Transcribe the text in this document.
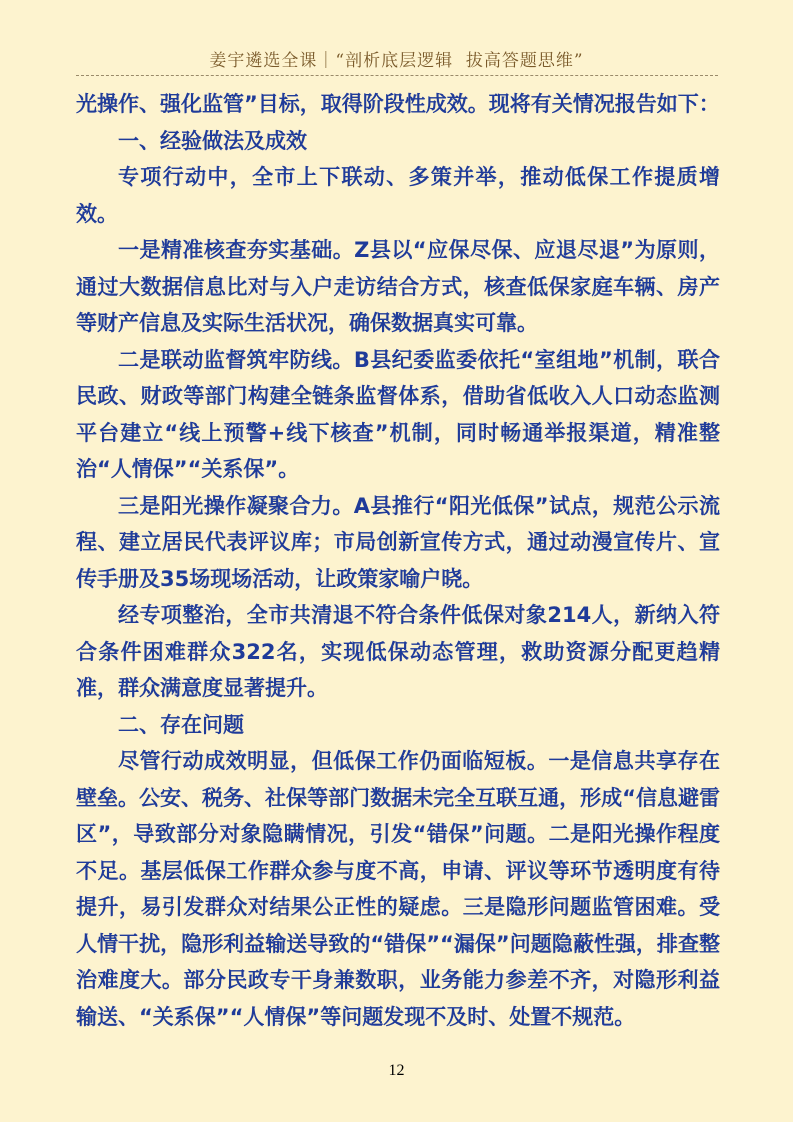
姜宇遴选全课｜“剖析底层逻辑  拔高答题思维”

光操作、强化监管”目标，取得阶段性成效。现将有关情况报告如下：

一、经验做法及成效

专项行动中，全市上下联动、多策并举，推动低保工作提质增效。

一是精准核查夯实基础。Z县以“应保尽保、应退尽退”为原则，通过大数据信息比对与入户走访结合方式，核查低保家庭车辆、房产等财产信息及实际生活状况，确保数据真实可靠。

二是联动监督筑牢防线。B县纪委监委依托“室组地”机制，联合民政、财政等部门构建全链条监督体系，借助省低收入人口动态监测平台建立“线上预警+线下核查”机制，同时畅通举报渠道，精准整治“人情保”“关系保”。

三是阳光操作凝聚合力。A县推行“阳光低保”试点，规范公示流程、建立居民代表评议库；市局创新宣传方式，通过动漫宣传片、宣传手册及35场现场活动，让政策家喻户晓。

经专项整治，全市共清退不符合条件低保对象214人，新纳入符合条件困难群众322名，实现低保动态管理，救助资源分配更趋精准，群众满意度显著提升。

二、存在问题

尽管行动成效明显，但低保工作仍面临短板。一是信息共享存在壁垒。公安、税务、社保等部门数据未完全互联互通，形成“信息避雷区”，导致部分对象隐瞒情况，引发“错保”问题。二是阳光操作程度不足。基层低保工作群众参与度不高，申请、评议等环节透明度有待提升，易引发群众对结果公正性的疑虑。三是隐形问题监管困难。受人情干扰，隐形利益输送导致的“错保”“漏保”问题隐蔽性强，排查整治难度大。部分民政专干身兼数职，业务能力参差不齐，对隐形利益输送、“关系保”“人情保”等问题发现不及时、处置不规范。

12
